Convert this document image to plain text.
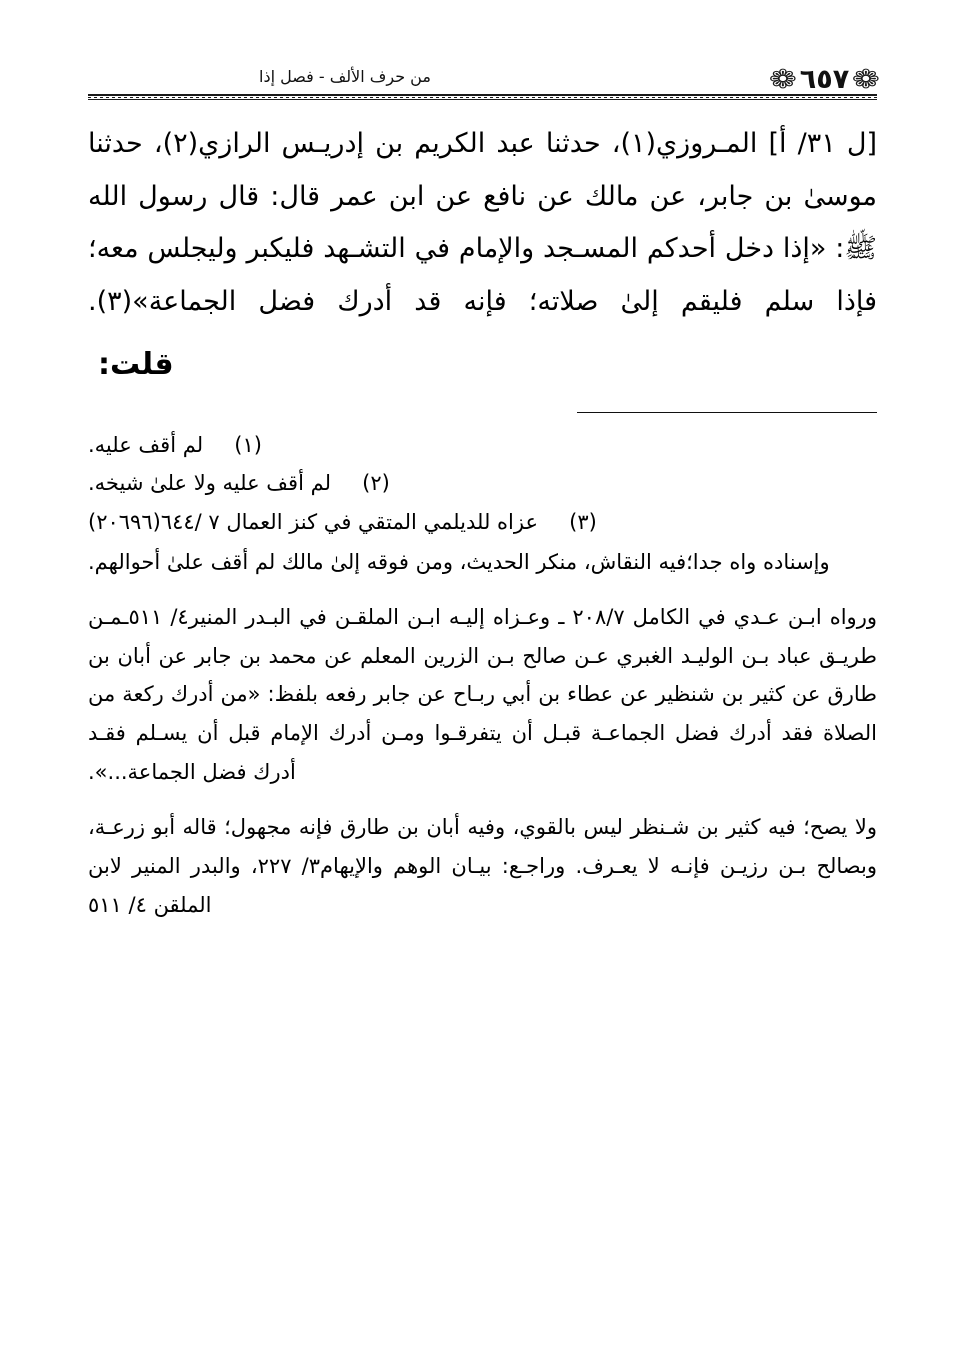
❁
٦٥٧
❁
من حرف الألف - فصل إذا

[ل ٣١/ أ] المـروزي(١)، حدثنا عبد الكريم بن إدريـس الرازي(٢)، حدثنا موسىٰ بن جابر، عن مالك عن نافع عن ابن عمر قال: قال رسول الله ﷺ: «إذا دخل أحدكم المسـجد والإمام في التشـهد فليكبر وليجلس معه؛ فإذا سلم فليقم إلىٰ صلاته؛ فإنه قد أدرك فضل الجماعة»(٣).

قلت:

(١)
لم أقف عليه.
(٢)
لم أقف عليه ولا علىٰ شيخه.
(٣)
عزاه للديلمي المتقي في كنز العمال ٧ /٦٤٤(٢٠٦٩٦)

وإسناده واه جدا؛فيه النقاش، منكر الحديث، ومن فوقه إلىٰ مالك لم أقف علىٰ أحوالهم.

ورواه ابـن عـدي في الكامل ٢٠٨/٧ ـ وعـزاه إليـه ابـن الملقـن في البـدر المنير٤/ ٥١١ـمـن طريـق عباد بـن الوليـد الغبري عـن صالح بـن الزرين المعلم عن محمد بن جابر عن أبان بن طارق عن كثير بن شنظير عن عطاء بن أبي ربـاح عن جابر رفعه بلفظ: «من أدرك ركعة من الصلاة فقد أدرك فضل الجماعـة قبـل أن يتفرقـوا ومـن أدرك الإمام قبل أن يسـلم فقـد أدرك فضل الجماعة...».

ولا يصح؛ فيه كثير بن شـنظر ليس بالقوي، وفيه أبان بن طارق فإنه مجهول؛ قاله أبو زرعـة، وبصالح بـن رزيـن فإنـه لا يعـرف. وراجـع: بيـان الوهم والإيهام٣/ ٢٢٧، والبدر المنير لابن الملقن ٤/ ٥١١
